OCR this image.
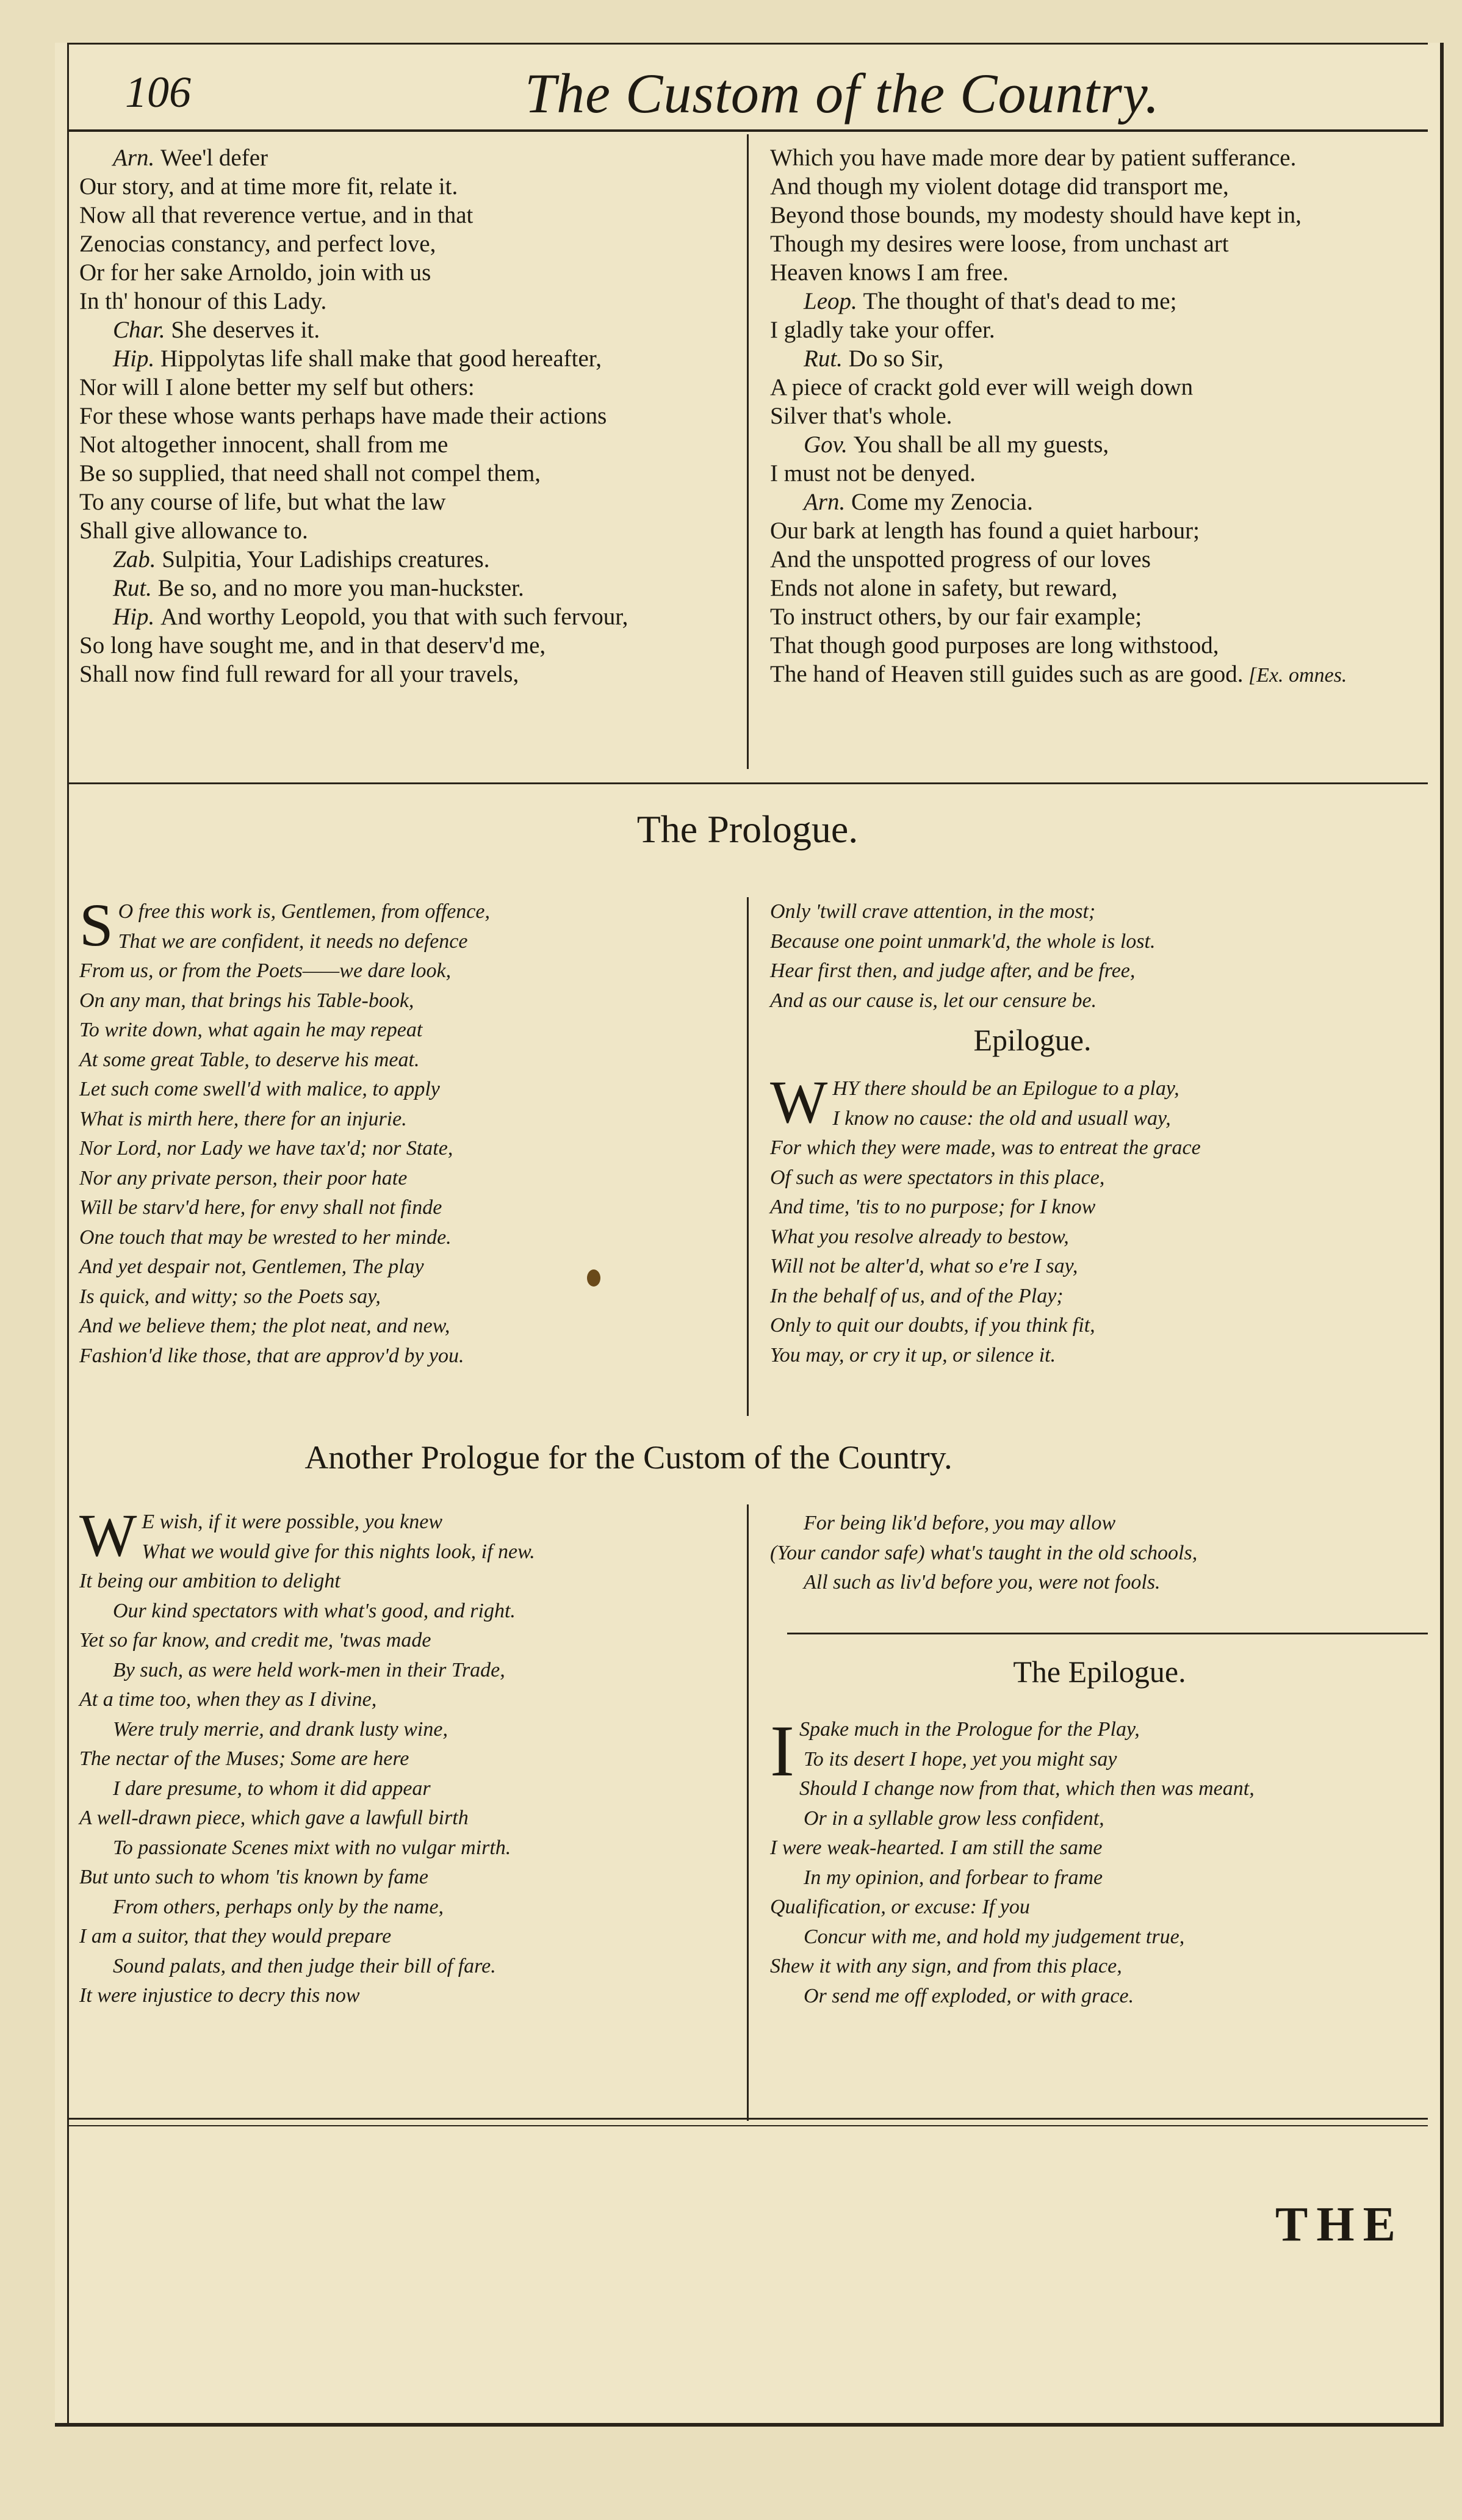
106	The Custom of the Country.
Arn. Wee'l defer
Our story, and at time more fit, relate it.
Now all that reverence vertue, and in that
Zenocias constancy, and perfect love,
Or for her sake Arnoldo, join with us
In th' honour of this Lady.
Char. She deserves it.
Hip. Hippolytas life shall make that good hereafter,
Nor will I alone better my self but others:
For these whose wants perhaps have made their actions
Not altogether innocent, shall from me
Be so supplied, that need shall not compel them,
To any course of life, but what the law
Shall give allowance to.
Zab. Sulpitia, Your Ladiships creatures.
Rut. Be so, and no more you man-huckster.
Hip. And worthy Leopold, you that with such fervour,
So long have sought me, and in that deserv'd me,
Shall now find full reward for all your travels,
Which you have made more dear by patient sufferance.
And though my violent dotage did transport me,
Beyond those bounds, my modesty should have kept in,
Though my desires were loose, from unchast art
Heaven knows I am free.
Leop. The thought of that's dead to me;
I gladly take your offer.
Rut. Do so Sir,
A piece of crackt gold ever will weigh down
Silver that's whole.
Gov. You shall be all my guests,
I must not be denyed.
Arn. Come my Zenocia.
Our bark at length has found a quiet harbour;
And the unspotted progress of our loves
Ends not alone in safety, but reward,
To instruct others, by our fair example;
That though good purposes are long withstood,
The hand of Heaven still guides such as are good. [Ex. omnes.
The Prologue.
S O free this work is, Gentlemen, from offence,
That we are confident, it needs no defence
From us, or from the Poets——we dare look,
On any man, that brings his Table-book,
To write down, what again he may repeat
At some great Table, to deserve his meat.
Let such come swell'd with malice, to apply
What is mirth here, there for an injurie.
Nor Lord, nor Lady we have tax'd; nor State,
Nor any private person, their poor hate
Will be starv'd here, for envy shall not finde
One touch that may be wrested to her minde.
And yet despair not, Gentlemen, The play
Is quick, and witty; so the Poets say,
And we believe them; the plot neat, and new,
Fashion'd like those, that are approv'd by you.
Only 'twill crave attention, in the most;
Because one point unmark'd, the whole is lost.
Hear first then, and judge after, and be free,
And as our cause is, let our censure be.
Epilogue.
W HY there should be an Epilogue to a play,
I know no cause: the old and usuall way,
For which they were made, was to entreat the grace
Of such as were spectators in this place,
And time, 'tis to no purpose; for I know
What you resolve already to bestow,
Will not be alter'd, what so e're I say,
In the behalf of us, and of the Play;
Only to quit our doubts, if you think fit,
You may, or cry it up, or silence it.
Another Prologue for the Custom of the Country.
W E wish, if it were possible, you knew
What we would give for this nights look, if new.
It being our ambition to delight
Our kind spectators with what's good, and right.
Yet so far know, and credit me, 'twas made
By such, as were held work-men in their Trade,
At a time too, when they as I divine,
Were truly merrie, and drank lusty wine,
The nectar of the Muses; Some are here
I dare presume, to whom it did appear
A well-drawn piece, which gave a lawfull birth
To passionate Scenes mixt with no vulgar mirth.
But unto such to whom 'tis known by fame
From others, perhaps only by the name,
I am a suitor, that they would prepare
Sound palats, and then judge their bill of fare.
It were injustice to decry this now
For being lik'd before, you may allow
(Your candor safe) what's taught in the old schools,
All such as liv'd before you, were not fools.
The Epilogue.
I Spake much in the Prologue for the Play,
To its desert I hope, yet you might say
Should I change now from that, which then was meant,
Or in a syllable grow less confident,
I were weak-hearted. I am still the same
In my opinion, and forbear to frame
Qualification, or excuse: If you
Concur with me, and hold my judgement true,
Shew it with any sign, and from this place,
Or send me off exploded, or with grace.
THE
